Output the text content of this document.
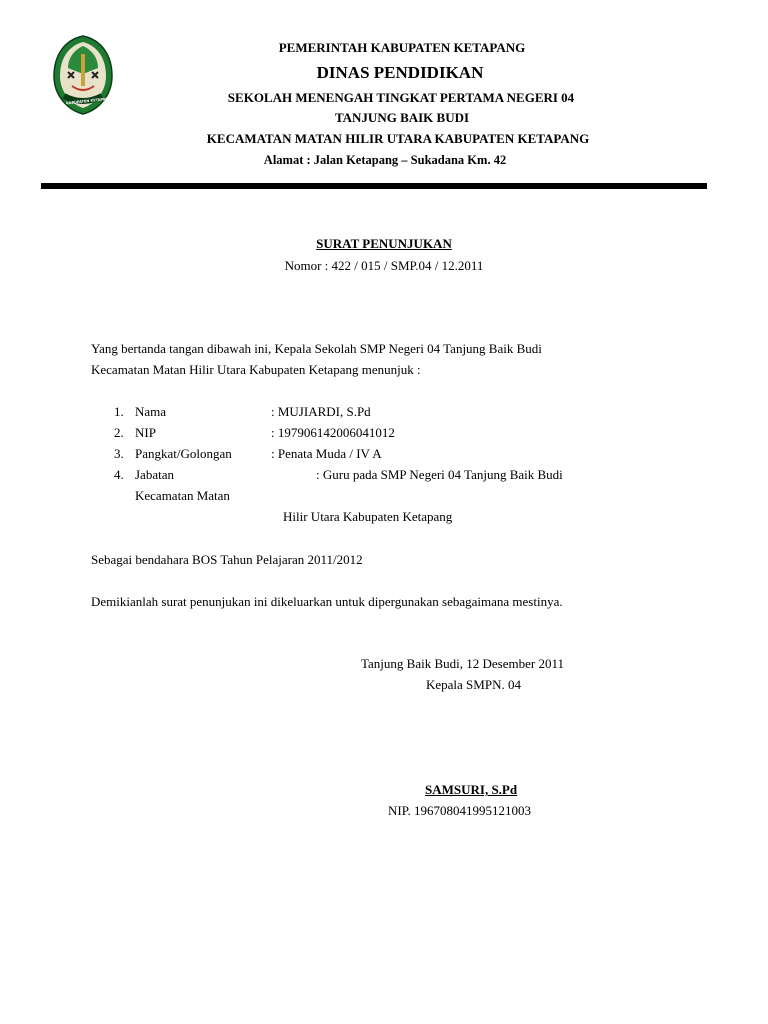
KABUPATEN KETAPANG
PEMERINTAH KABUPATEN KETAPANG
DINAS PENDIDIKAN
SEKOLAH MENENGAH TINGKAT PERTAMA NEGERI 04
TANJUNG BAIK BUDI
KECAMATAN MATAN HILIR UTARA KABUPATEN KETAPANG
Alamat : Jalan Ketapang – Sukadana Km. 42
SURAT PENUNJUKAN
Nomor : 422 / 015 / SMP.04 / 12.2011
Yang bertanda tangan dibawah ini, Kepala Sekolah SMP Negeri 04 Tanjung Baik Budi
Kecamatan Matan Hilir Utara Kabupaten Ketapang menunjuk :
1. Nama	: MUJIARDI, S.Pd
2. NIP	: 197906142006041012
3. Pangkat/Golongan	: Penata Muda / IV A
4. Jabatan	: Guru pada SMP Negeri 04 Tanjung Baik Budi
Kecamatan Matan
Hilir Utara Kabupaten Ketapang
Sebagai bendahara BOS Tahun Pelajaran 2011/2012
Demikianlah surat penunjukan ini dikeluarkan untuk dipergunakan sebagaimana mestinya.
Tanjung Baik Budi, 12 Desember 2011
Kepala SMPN. 04
SAMSURI, S.Pd
NIP. 196708041995121003
